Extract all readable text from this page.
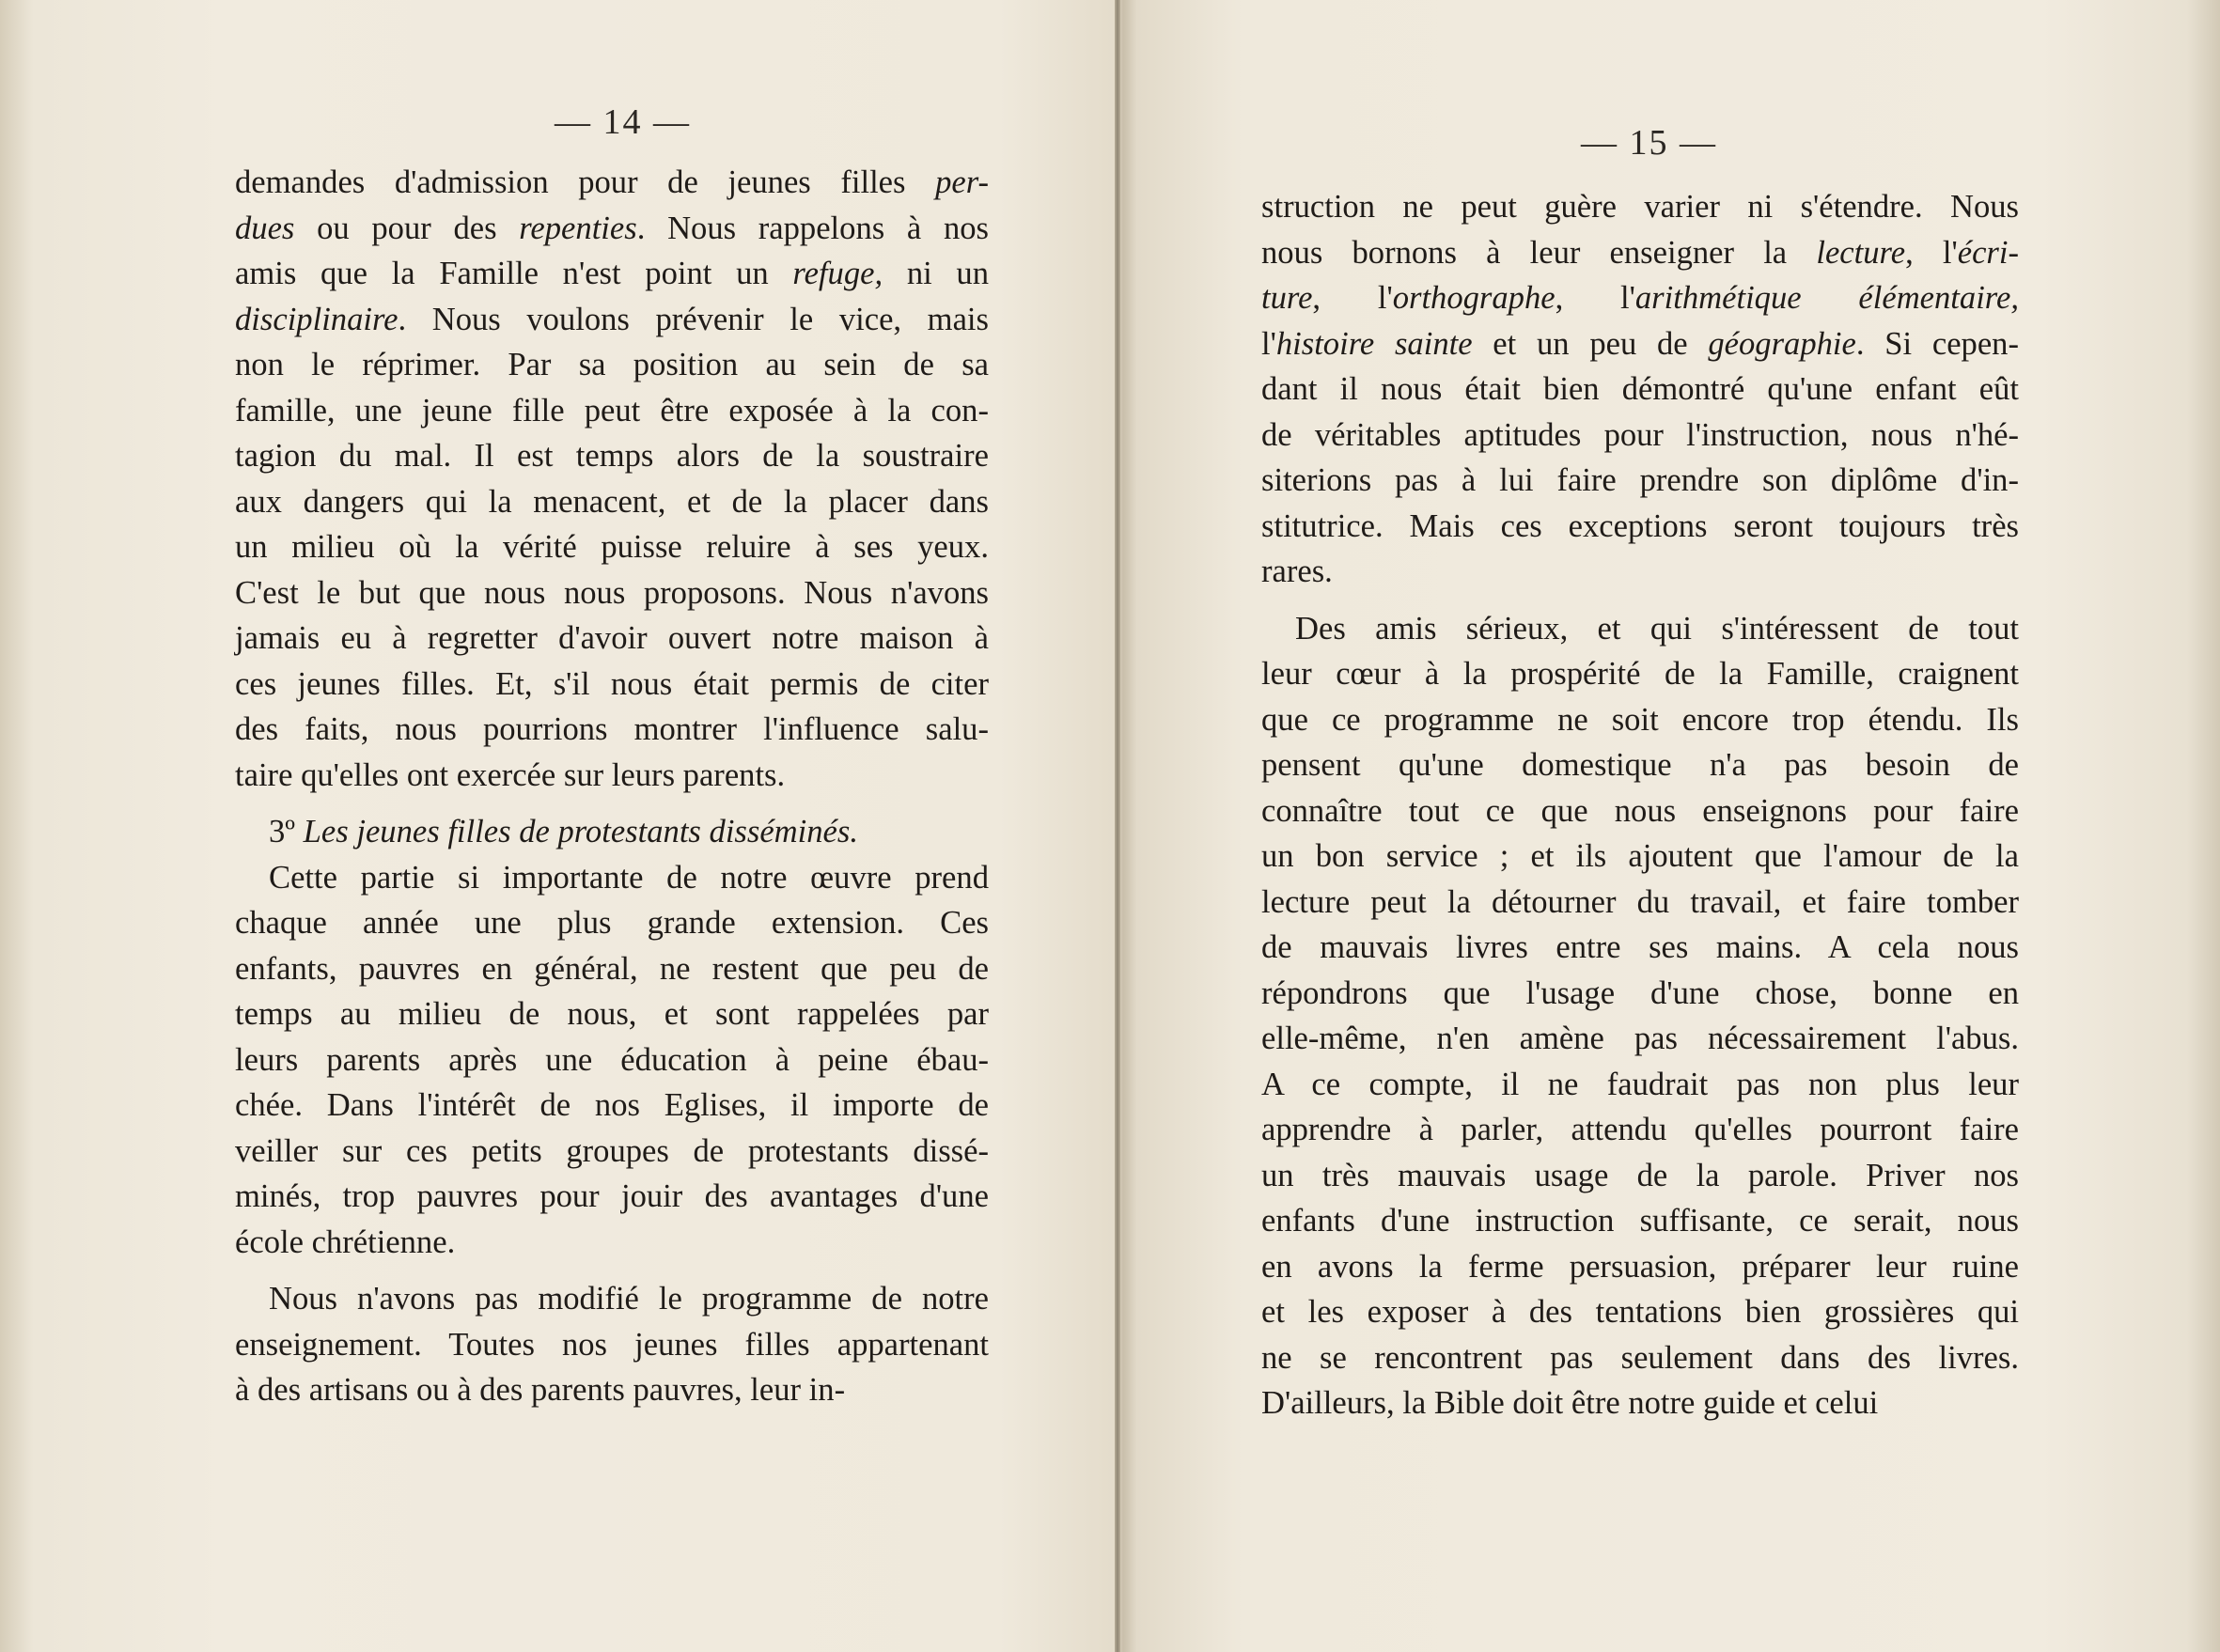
— 14 —
demandes d'admission pour de jeunes filles per-
dues ou pour des repenties. Nous rappelons à nos
amis que la Famille n'est point un refuge, ni un
disciplinaire. Nous voulons prévenir le vice, mais
non le réprimer. Par sa position au sein de sa
famille, une jeune fille peut être exposée à la con-
tagion du mal. Il est temps alors de la soustraire
aux dangers qui la menacent, et de la placer dans
un milieu où la vérité puisse reluire à ses yeux.
C'est le but que nous nous proposons. Nous n'avons
jamais eu à regretter d'avoir ouvert notre maison à
ces jeunes filles. Et, s'il nous était permis de citer
des faits, nous pourrions montrer l'influence salu-
taire qu'elles ont exercée sur leurs parents.
3º Les jeunes filles de protestants disséminés.
Cette partie si importante de notre œuvre prend
chaque année une plus grande extension. Ces
enfants, pauvres en général, ne restent que peu de
temps au milieu de nous, et sont rappelées par
leurs parents après une éducation à peine ébau-
chée. Dans l'intérêt de nos Eglises, il importe de
veiller sur ces petits groupes de protestants dissé-
minés, trop pauvres pour jouir des avantages d'une
école chrétienne.
Nous n'avons pas modifié le programme de notre
enseignement. Toutes nos jeunes filles appartenant
à des artisans ou à des parents pauvres, leur in-
— 15 —
struction ne peut guère varier ni s'étendre. Nous
nous bornons à leur enseigner la lecture, l'écri-
ture, l'orthographe, l'arithmétique élémentaire,
l'histoire sainte et un peu de géographie. Si cepen-
dant il nous était bien démontré qu'une enfant eût
de véritables aptitudes pour l'instruction, nous n'hé-
siterions pas à lui faire prendre son diplôme d'in-
stitutrice. Mais ces exceptions seront toujours très
rares.
Des amis sérieux, et qui s'intéressent de tout
leur cœur à la prospérité de la Famille, craignent
que ce programme ne soit encore trop étendu. Ils
pensent qu'une domestique n'a pas besoin de
connaître tout ce que nous enseignons pour faire
un bon service ; et ils ajoutent que l'amour de la
lecture peut la détourner du travail, et faire tomber
de mauvais livres entre ses mains. A cela nous
répondrons que l'usage d'une chose, bonne en
elle-même, n'en amène pas nécessairement l'abus.
A ce compte, il ne faudrait pas non plus leur
apprendre à parler, attendu qu'elles pourront faire
un très mauvais usage de la parole. Priver nos
enfants d'une instruction suffisante, ce serait, nous
en avons la ferme persuasion, préparer leur ruine
et les exposer à des tentations bien grossières qui
ne se rencontrent pas seulement dans des livres.
D'ailleurs, la Bible doit être notre guide et celui
